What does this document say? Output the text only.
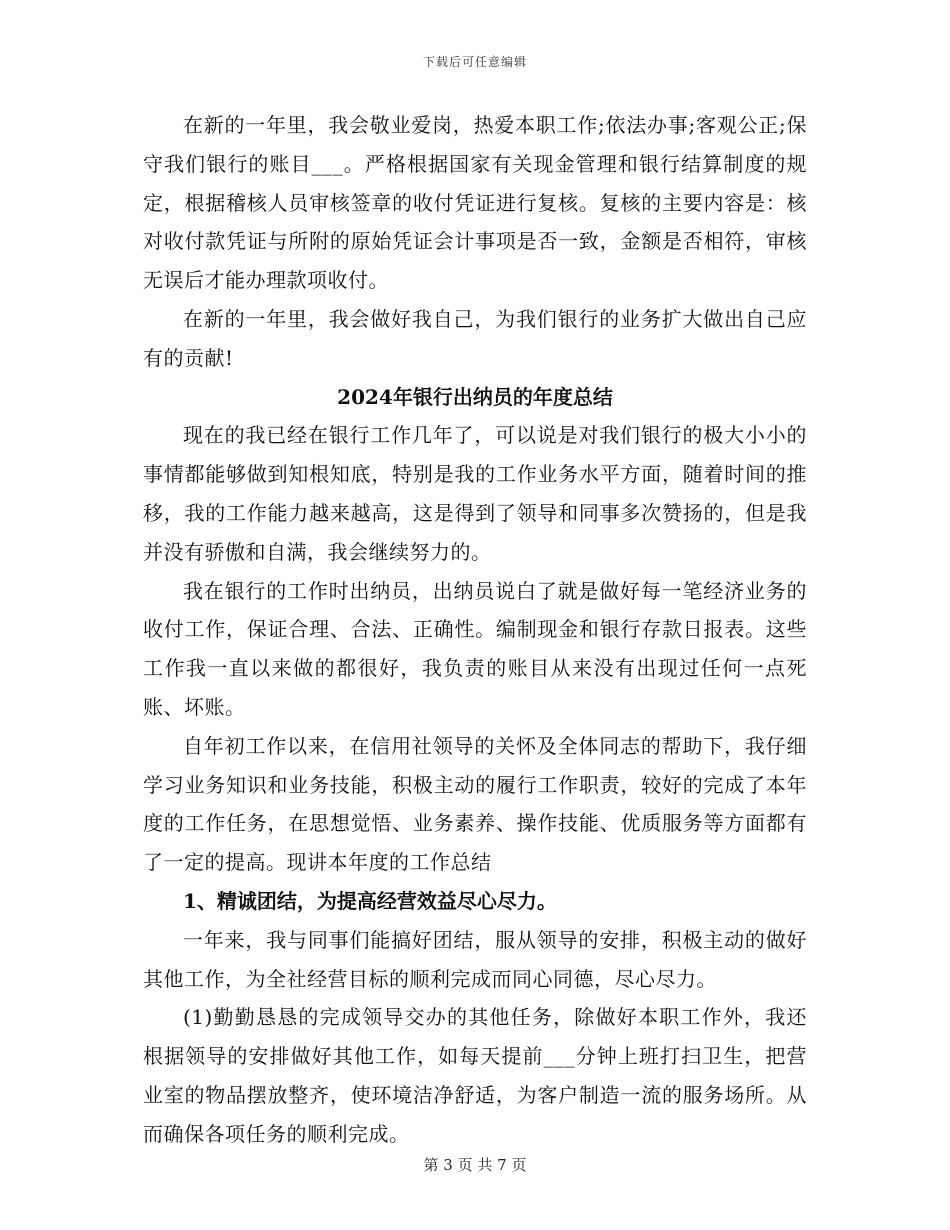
下载后可任意编辑

在新的一年里，我会敬业爱岗，热爱本职工作;依法办事;客观公正;保守我们银行的账目___。严格根据国家有关现金管理和银行结算制度的规定，根据稽核人员审核签章的收付凭证进行复核。复核的主要内容是：核对收付款凭证与所附的原始凭证会计事项是否一致，金额是否相符，审核无误后才能办理款项收付。

在新的一年里，我会做好我自己，为我们银行的业务扩大做出自己应有的贡献!

2024年银行出纳员的年度总结

现在的我已经在银行工作几年了，可以说是对我们银行的极大小小的事情都能够做到知根知底，特别是我的工作业务水平方面，随着时间的推移，我的工作能力越来越高，这是得到了领导和同事多次赞扬的，但是我并没有骄傲和自满，我会继续努力的。

我在银行的工作时出纳员，出纳员说白了就是做好每一笔经济业务的收付工作，保证合理、合法、正确性。编制现金和银行存款日报表。这些工作我一直以来做的都很好，我负责的账目从来没有出现过任何一点死账、坏账。

自年初工作以来，在信用社领导的关怀及全体同志的帮助下，我仔细学习业务知识和业务技能，积极主动的履行工作职责，较好的完成了本年度的工作任务，在思想觉悟、业务素养、操作技能、优质服务等方面都有了一定的提高。现讲本年度的工作总结

1、精诚团结，为提高经营效益尽心尽力。

一年来，我与同事们能搞好团结，服从领导的安排，积极主动的做好其他工作，为全社经营目标的顺利完成而同心同德，尽心尽力。

(1)勤勤恳恳的完成领导交办的其他任务，除做好本职工作外，我还根据领导的安排做好其他工作，如每天提前___分钟上班打扫卫生，把营业室的物品摆放整齐，使环境洁净舒适，为客户制造一流的服务场所。从而确保各项任务的顺利完成。

第 3 页 共 7 页
